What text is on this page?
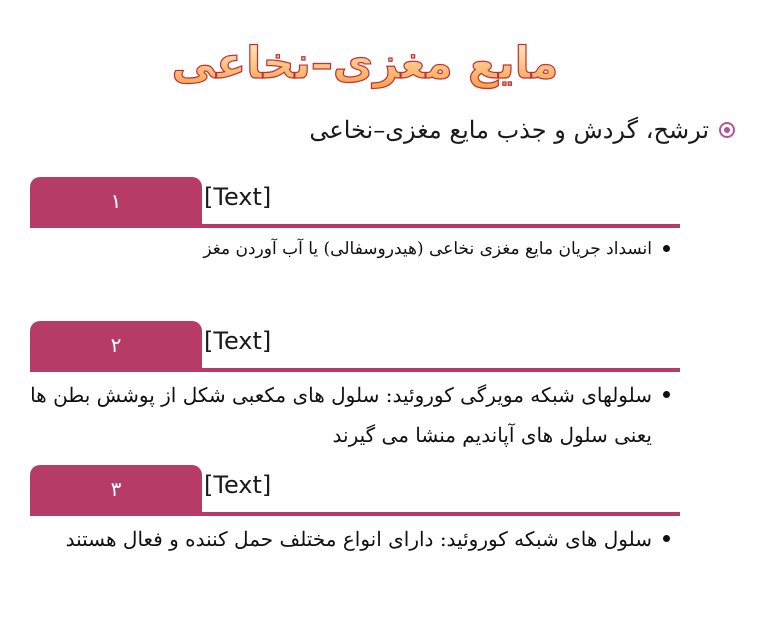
مایع مغزی–نخاعی
ترشح، گردش و جذب مایع مغزی–نخاعی
۱	[Text]
انسداد جریان مایع مغزی نخاعی (هیدروسفالی) یا آب آوردن مغز
۲	[Text]
سلولهای شبکه مویرگی کوروئید: سلول های مکعبی شکل از پوشش بطن ها یعنی سلول های آپاندیم منشا می گیرند
۳	[Text]
سلول های شبکه کوروئید: دارای انواع مختلف حمل کننده و فعال هستند
